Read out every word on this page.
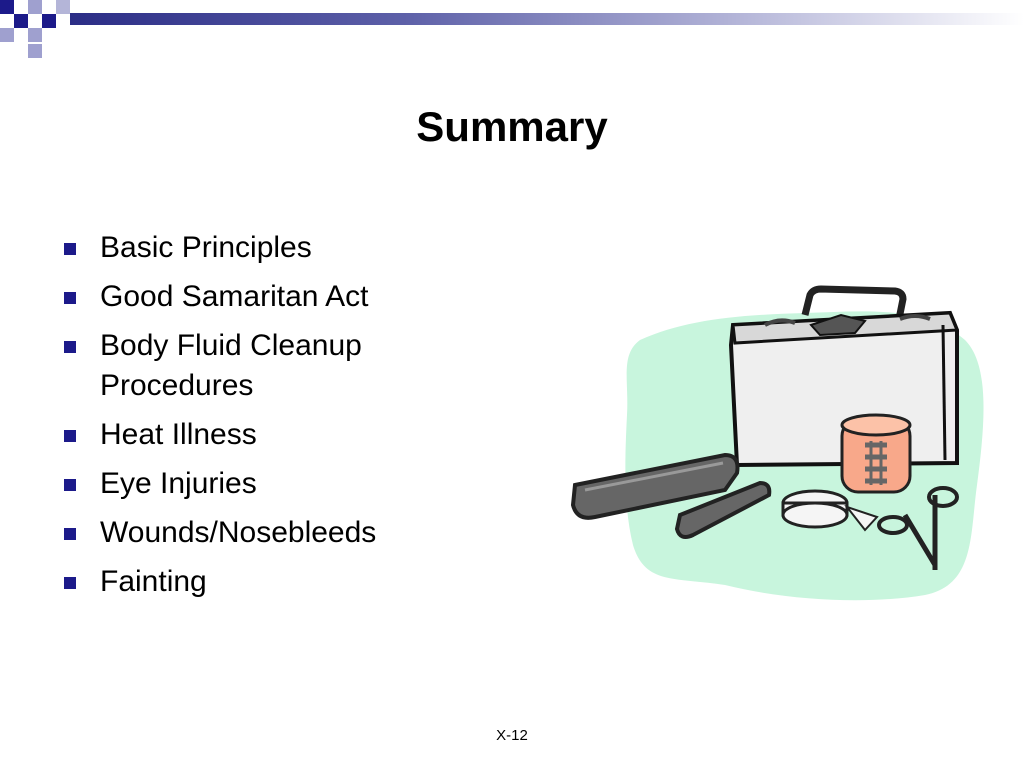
Summary
Basic Principles
Good Samaritan Act
Body Fluid Cleanup Procedures
Heat Illness
Eye Injuries
Wounds/Nosebleeds
Fainting
X-12
